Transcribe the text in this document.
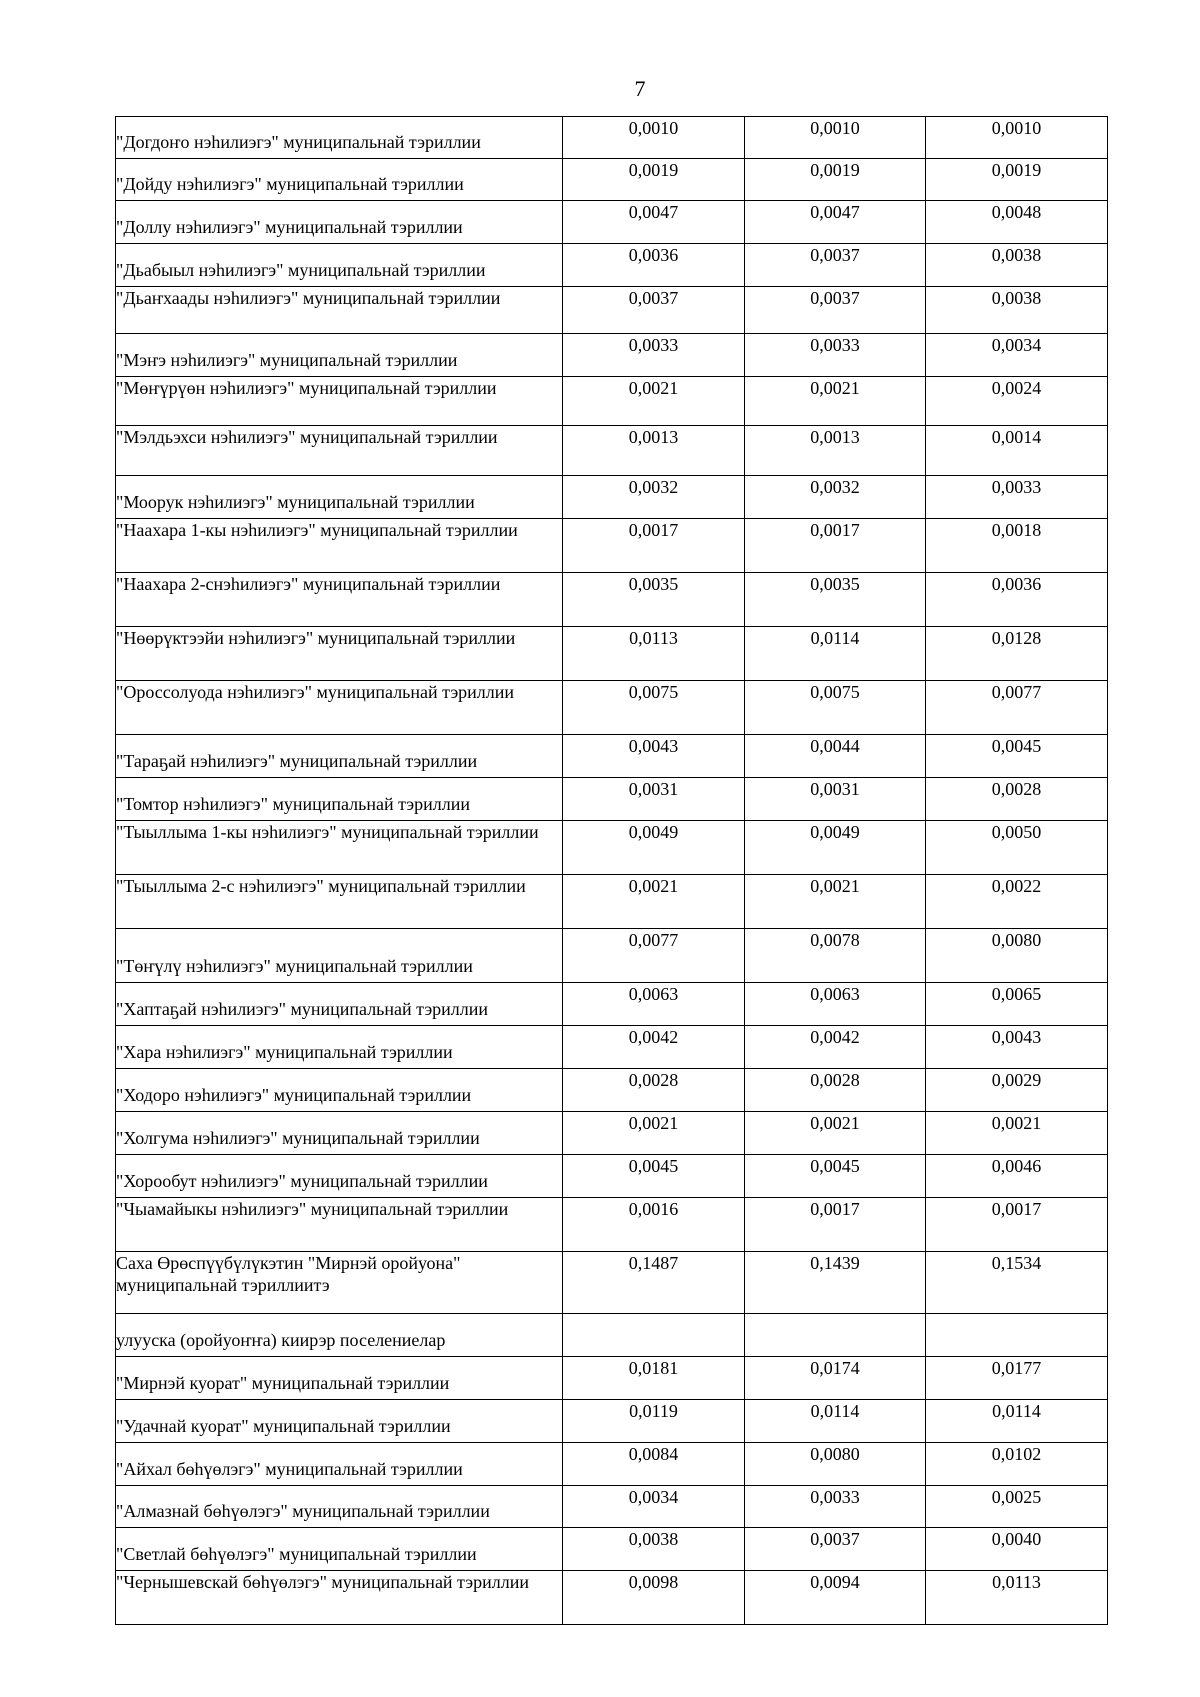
7
"Догдоҥо нэһилиэгэ" муниципальнай тэриллии	0,0010	0,0010	0,0010
"Дойду нэһилиэгэ" муниципальнай тэриллии	0,0019	0,0019	0,0019
"Доллу нэһилиэгэ" муниципальнай тэриллии	0,0047	0,0047	0,0048
"Дьабыыл нэһилиэгэ" муниципальнай тэриллии	0,0036	0,0037	0,0038
"Дьаҥхаады нэһилиэгэ" муниципальнай тэриллии	0,0037	0,0037	0,0038
"Мэҥэ нэһилиэгэ" муниципальнай тэриллии	0,0033	0,0033	0,0034
"Мөҥүрүөн нэһилиэгэ" муниципальнай тэриллии	0,0021	0,0021	0,0024
"Мэлдьэхси нэһилиэгэ" муниципальнай тэриллии	0,0013	0,0013	0,0014
"Моорук нэһилиэгэ" муниципальнай тэриллии	0,0032	0,0032	0,0033
"Наахара 1-кы нэһилиэгэ" муниципальнай тэриллии	0,0017	0,0017	0,0018
"Наахара 2-снэһилиэгэ" муниципальнай тэриллии	0,0035	0,0035	0,0036
"Нөөрүктээйи нэһилиэгэ" муниципальнай тэриллии	0,0113	0,0114	0,0128
"Ороссолуода нэһилиэгэ" муниципальнай тэриллии	0,0075	0,0075	0,0077
"Тараҕай нэһилиэгэ" муниципальнай тэриллии	0,0043	0,0044	0,0045
"Томтор нэһилиэгэ" муниципальнай тэриллии	0,0031	0,0031	0,0028
"Тыыллыма 1-кы нэһилиэгэ" муниципальнай тэриллии	0,0049	0,0049	0,0050
"Тыыллыма 2-с нэһилиэгэ" муниципальнай тэриллии	0,0021	0,0021	0,0022
"Төҥүлү нэһилиэгэ" муниципальнай тэриллии	0,0077	0,0078	0,0080
"Хаптаҕай нэһилиэгэ" муниципальнай тэриллии	0,0063	0,0063	0,0065
"Хара нэһилиэгэ" муниципальнай тэриллии	0,0042	0,0042	0,0043
"Ходоро нэһилиэгэ" муниципальнай тэриллии	0,0028	0,0028	0,0029
"Холгума нэһилиэгэ" муниципальнай тэриллии	0,0021	0,0021	0,0021
"Хорообут нэһилиэгэ" муниципальнай тэриллии	0,0045	0,0045	0,0046
"Чыамайыкы нэһилиэгэ" муниципальнай тэриллии	0,0016	0,0017	0,0017
Саха Өрөспүүбүлүкэтин "Мирнэй оройуона" муниципальнай тэриллиитэ	0,1487	0,1439	0,1534
улууска (оройуоҥҥа) киирэр поселениелар			
"Мирнэй куорат" муниципальнай тэриллии	0,0181	0,0174	0,0177
"Удачнай куорат" муниципальнай тэриллии	0,0119	0,0114	0,0114
"Айхал бөһүөлэгэ" муниципальнай тэриллии	0,0084	0,0080	0,0102
"Алмазнай бөһүөлэгэ" муниципальнай тэриллии	0,0034	0,0033	0,0025
"Светлай бөһүөлэгэ" муниципальнай тэриллии	0,0038	0,0037	0,0040
"Чернышевскай бөһүөлэгэ" муниципальнай тэриллии	0,0098	0,0094	0,0113
